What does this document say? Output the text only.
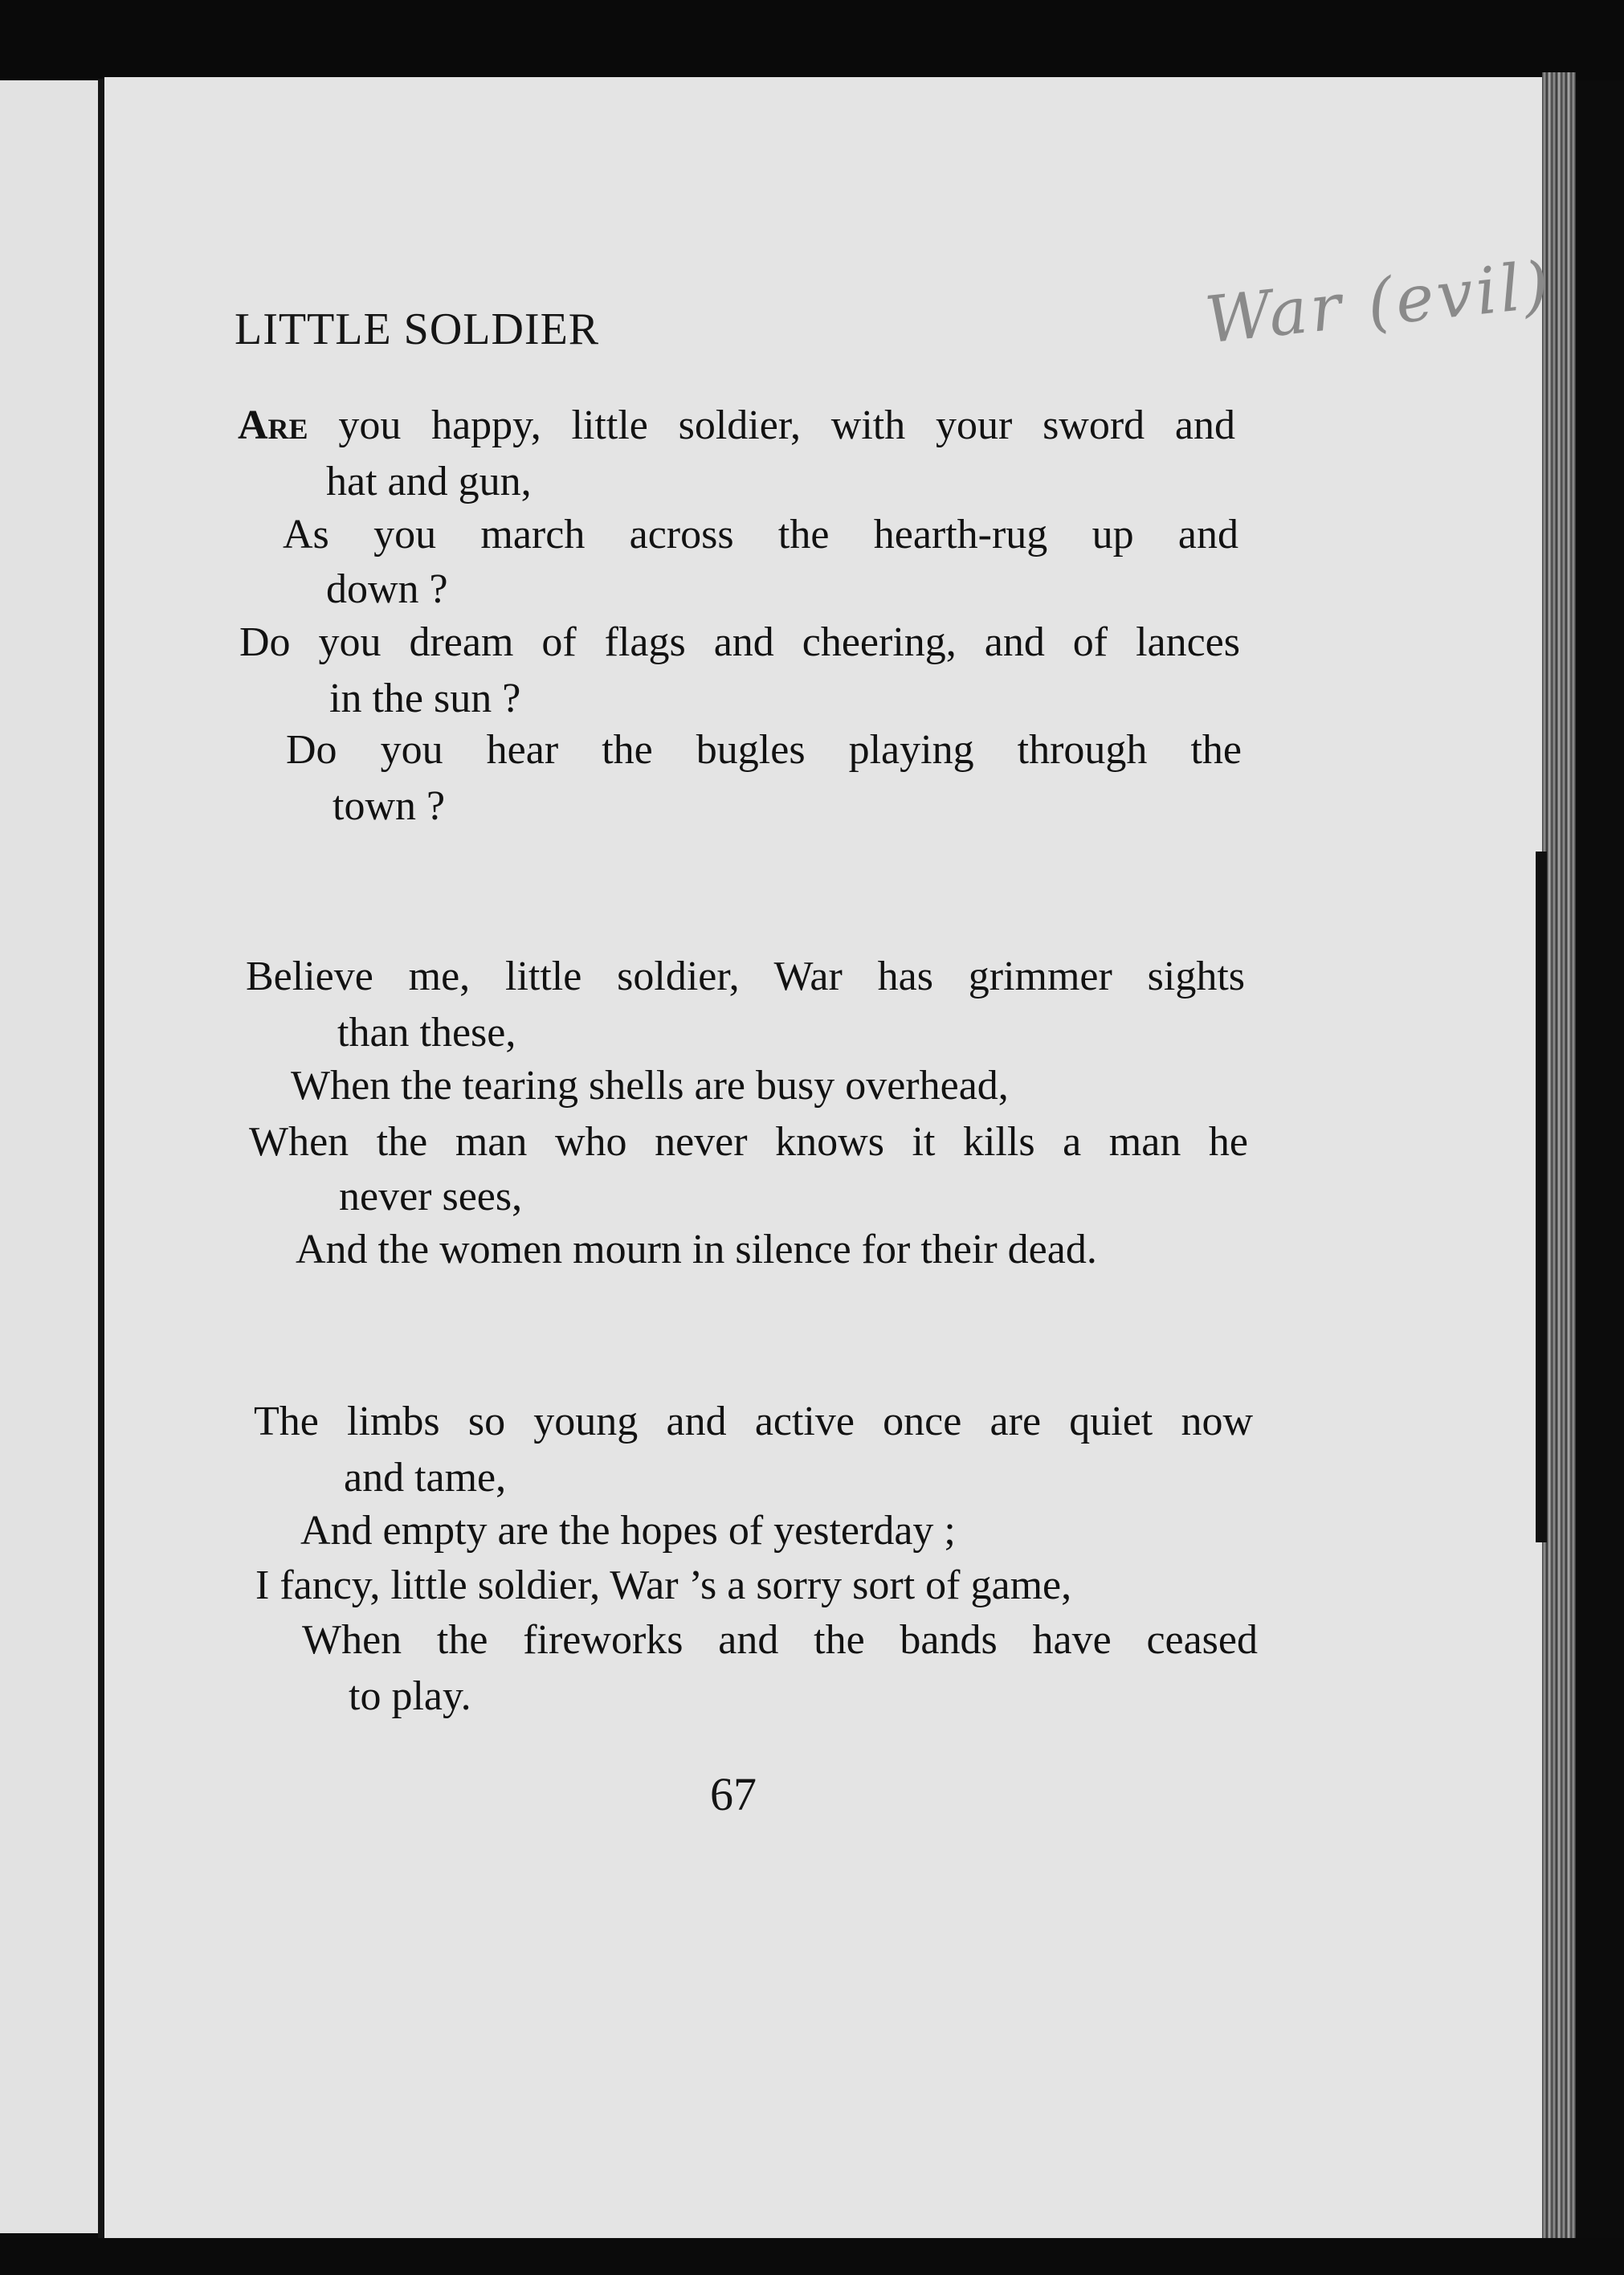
LITTLE SOLDIER	War (evil)
Are you happy, little soldier, with your sword and
hat and gun,
As you march across the hearth-rug up and
down ?
Do you dream of flags and cheering, and of lances
in the sun ?
Do you hear the bugles playing through the
town ?
Believe me, little soldier, War has grimmer sights
than these,
When the tearing shells are busy overhead,
When the man who never knows it kills a man he
never sees,
And the women mourn in silence for their dead.
The limbs so young and active once are quiet now
and tame,
And empty are the hopes of yesterday ;
I fancy, little soldier, War ’s a sorry sort of game,
When the fireworks and the bands have ceased
to play.
67
